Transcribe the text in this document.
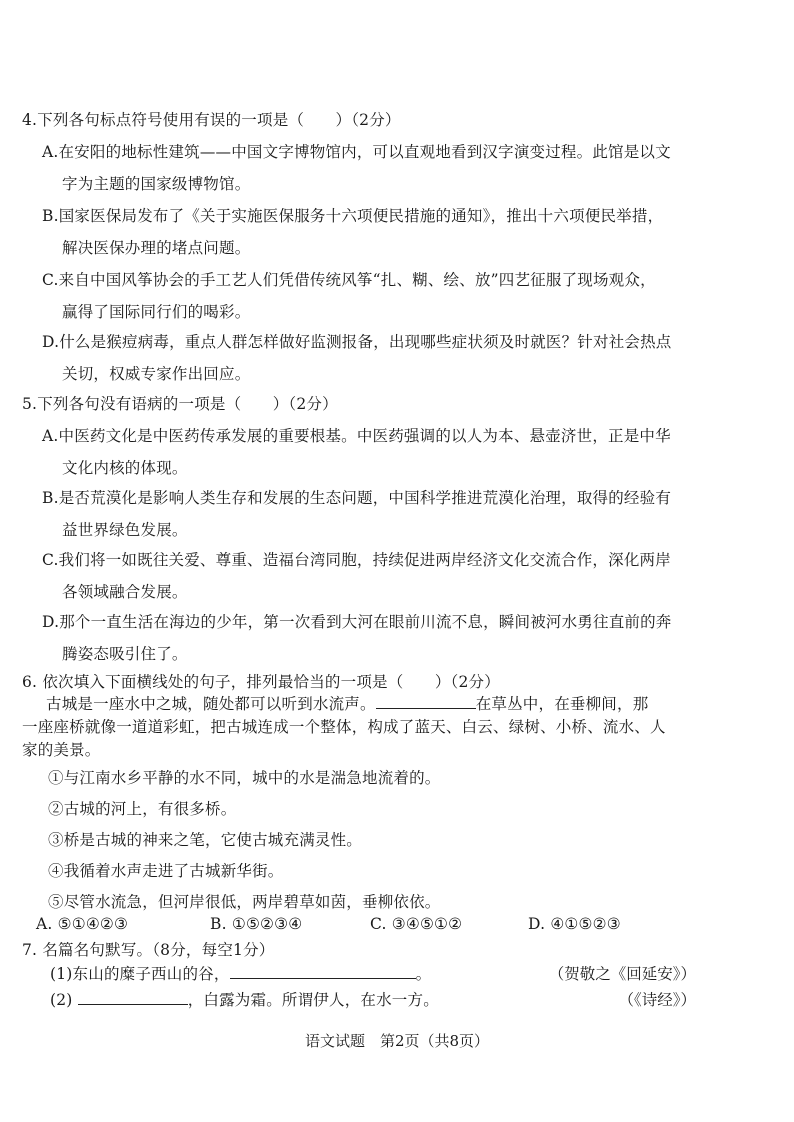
4.下列各句标点符号使用有误的一项是（　　）（2分）
A.在安阳的地标性建筑——中国文字博物馆内，可以直观地看到汉字演变过程。此馆是以文
字为主题的国家级博物馆。
B.国家医保局发布了《关于实施医保服务十六项便民措施的通知》，推出十六项便民举措，
解决医保办理的堵点问题。
C.来自中国风筝协会的手工艺人们凭借传统风筝“扎、糊、绘、放”四艺征服了现场观众，
赢得了国际同行们的喝彩。
D.什么是猴痘病毒，重点人群怎样做好监测报备，出现哪些症状须及时就医？针对社会热点
关切，权威专家作出回应。
5.下列各句没有语病的一项是（　　）（2分）
A.中医药文化是中医药传承发展的重要根基。中医药强调的以人为本、悬壶济世，正是中华
文化内核的体现。
B.是否荒漠化是影响人类生存和发展的生态问题，中国科学推进荒漠化治理，取得的经验有
益世界绿色发展。
C.我们将一如既往关爱、尊重、造福台湾同胞，持续促进两岸经济文化交流合作，深化两岸
各领域融合发展。
D.那个一直生活在海边的少年，第一次看到大河在眼前川流不息，瞬间被河水勇往直前的奔
腾姿态吸引住了。
6. 依次填入下面横线处的句子，排列最恰当的一项是（　　）（2分）
古城是一座水中之城，随处都可以听到水流声。	在草丛中，在垂柳间，那
一座座桥就像一道道彩虹，把古城连成一个整体，构成了蓝天、白云、绿树、小桥、流水、人
家的美景。
①与江南水乡平静的水不同，城中的水是湍急地流着的。
②古城的河上，有很多桥。
③桥是古城的神来之笔，它使古城充满灵性。
④我循着水声走进了古城新华街。
⑤尽管水流急，但河岸很低，两岸碧草如茵，垂柳依依。
A. ⑤①④②③	B. ①⑤②③④	C. ③④⑤①②	D. ④①⑤②③
7. 名篇名句默写。（8分，每空1分）
(1)东山的糜子西山的谷，	。	（贺敬之《回延安》）
(2)	，白露为霜。所谓伊人，在水一方。	（《诗经》）
语文试题　第2页（共8页）
